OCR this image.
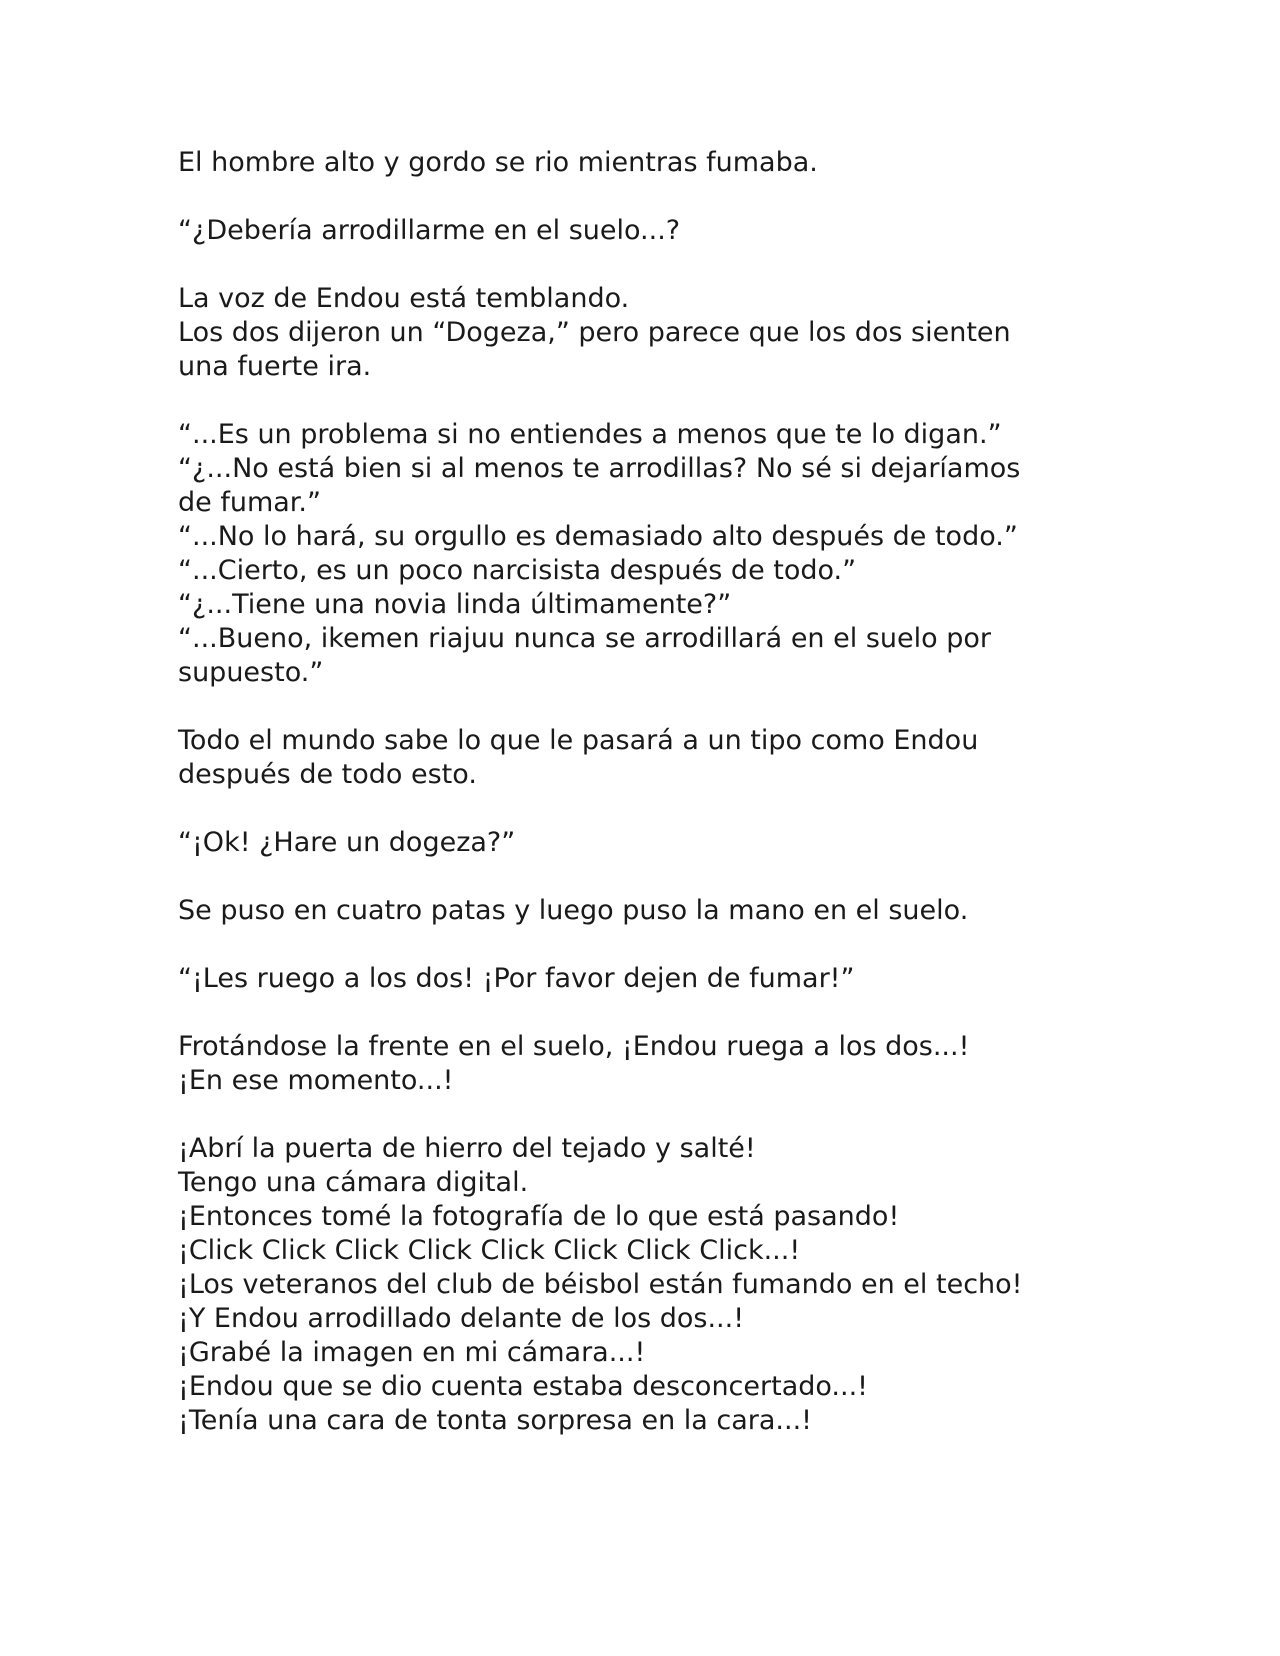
El hombre alto y gordo se rio mientras fumaba.

“¿Debería arrodillarme en el suelo...?

La voz de Endou está temblando.
Los dos dijeron un “Dogeza,” pero parece que los dos sienten
una fuerte ira.

“...Es un problema si no entiendes a menos que te lo digan.”
“¿...No está bien si al menos te arrodillas? No sé si dejaríamos
de fumar.”
“...No lo hará, su orgullo es demasiado alto después de todo.”
“...Cierto, es un poco narcisista después de todo.”
“¿...Tiene una novia linda últimamente?”
“...Bueno, ikemen riajuu nunca se arrodillará en el suelo por
supuesto.”

Todo el mundo sabe lo que le pasará a un tipo como Endou
después de todo esto.

“¡Ok! ¿Hare un dogeza?”

Se puso en cuatro patas y luego puso la mano en el suelo.

“¡Les ruego a los dos! ¡Por favor dejen de fumar!”

Frotándose la frente en el suelo, ¡Endou ruega a los dos...!
¡En ese momento...!

¡Abrí la puerta de hierro del tejado y salté!
Tengo una cámara digital.
¡Entonces tomé la fotografía de lo que está pasando!
¡Click Click Click Click Click Click Click Click...!
¡Los veteranos del club de béisbol están fumando en el techo!
¡Y Endou arrodillado delante de los dos...!
¡Grabé la imagen en mi cámara...!
¡Endou que se dio cuenta estaba desconcertado...!
¡Tenía una cara de tonta sorpresa en la cara...!
